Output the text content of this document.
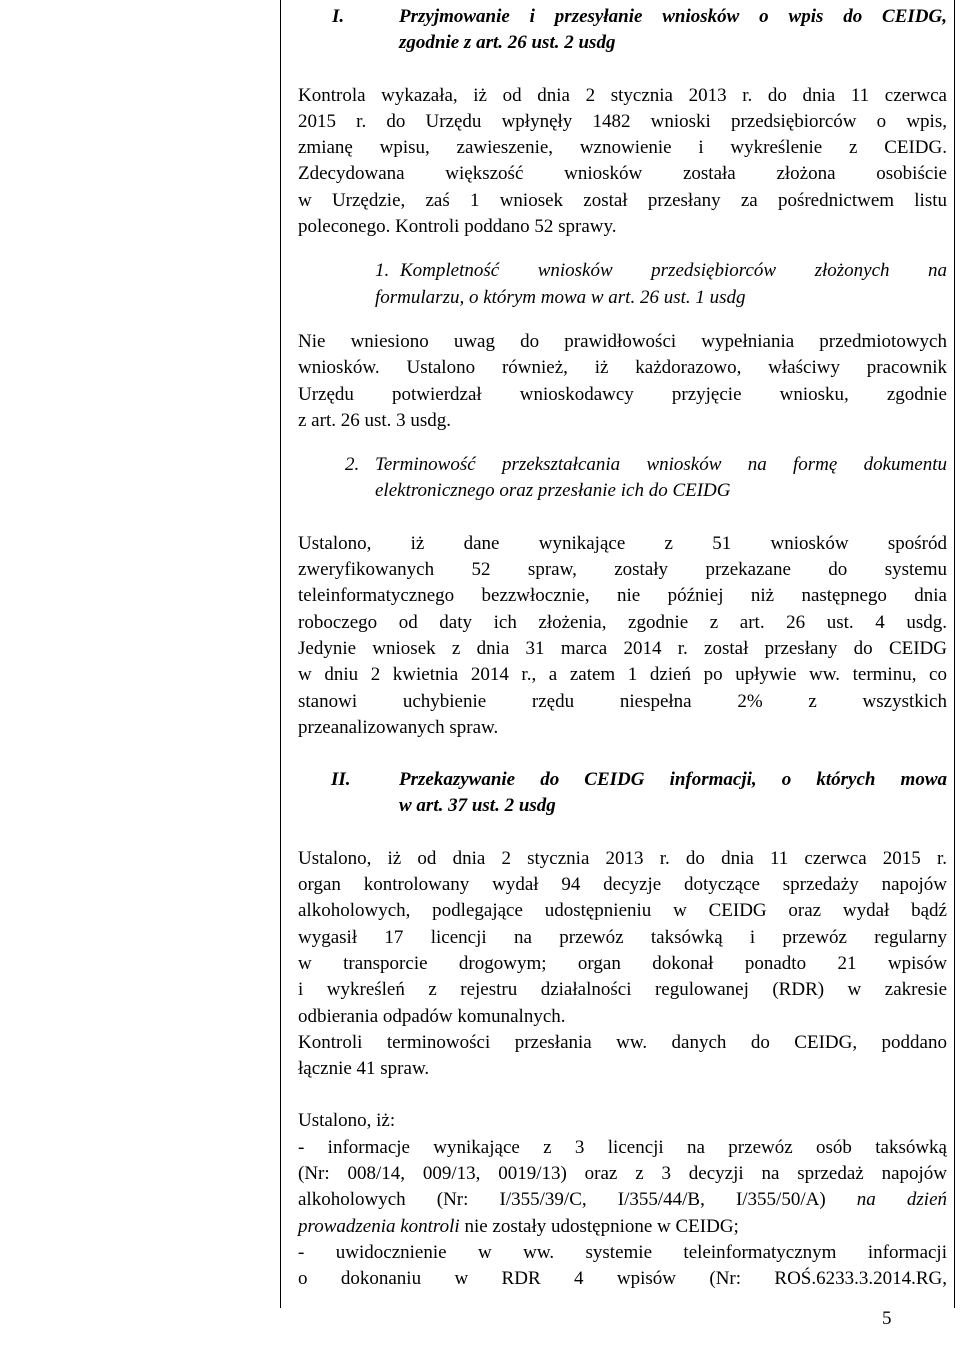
I.	Przyjmowanie i przesyłanie wniosków o wpis do CEIDG,
zgodnie z art. 26 ust. 2 usdg
Kontrola wykazała, iż od dnia 2 stycznia 2013 r. do dnia 11 czerwca
2015 r. do Urzędu wpłynęły 1482 wnioski przedsiębiorców o wpis,
zmianę wpisu, zawieszenie, wznowienie i wykreślenie z CEIDG.
Zdecydowana większość wniosków została złożona osobiście
w Urzędzie, zaś 1 wniosek został przesłany za pośrednictwem listu
poleconego. Kontroli poddano 52 sprawy.
1. Kompletność wniosków przedsiębiorców złożonych na
formularzu, o którym mowa w art. 26 ust. 1 usdg
Nie wniesiono uwag do prawidłowości wypełniania przedmiotowych
wniosków. Ustalono również, iż każdorazowo, właściwy pracownik
Urzędu potwierdzał wnioskodawcy przyjęcie wniosku, zgodnie
z art. 26 ust. 3 usdg.
2. Terminowość przekształcania wniosków na formę dokumentu
elektronicznego oraz przesłanie ich do CEIDG
Ustalono, iż dane wynikające z 51 wniosków spośród
zweryfikowanych 52 spraw, zostały przekazane do systemu
teleinformatycznego bezzwłocznie, nie później niż następnego dnia
roboczego od daty ich złożenia, zgodnie z art. 26 ust. 4 usdg.
Jedynie wniosek z dnia 31 marca 2014 r. został przesłany do CEIDG
w dniu 2 kwietnia 2014 r., a zatem 1 dzień po upływie ww. terminu, co
stanowi uchybienie rzędu niespełna 2% z wszystkich
przeanalizowanych spraw.
II.	Przekazywanie do CEIDG informacji, o których mowa
w art. 37 ust. 2 usdg
Ustalono, iż od dnia 2 stycznia 2013 r. do dnia 11 czerwca 2015 r.
organ kontrolowany wydał 94 decyzje dotyczące sprzedaży napojów
alkoholowych, podlegające udostępnieniu w CEIDG oraz wydał bądź
wygasił 17 licencji na przewóz taksówką i przewóz regularny
w transporcie drogowym; organ dokonał ponadto 21 wpisów
i wykreśleń z rejestru działalności regulowanej (RDR) w zakresie
odbierania odpadów komunalnych.
Kontroli terminowości przesłania ww. danych do CEIDG, poddano
łącznie 41 spraw.
Ustalono, iż:
- informacje wynikające z 3 licencji na przewóz osób taksówką
(Nr: 008/14, 009/13, 0019/13) oraz z 3 decyzji na sprzedaż napojów
alkoholowych (Nr: I/355/39/C, I/355/44/B, I/355/50/A) na dzień
prowadzenia kontroli nie zostały udostępnione w CEIDG;
- uwidocznienie w ww. systemie teleinformatycznym informacji
o dokonaniu w RDR 4 wpisów (Nr: ROŚ.6233.3.2014.RG,
5
